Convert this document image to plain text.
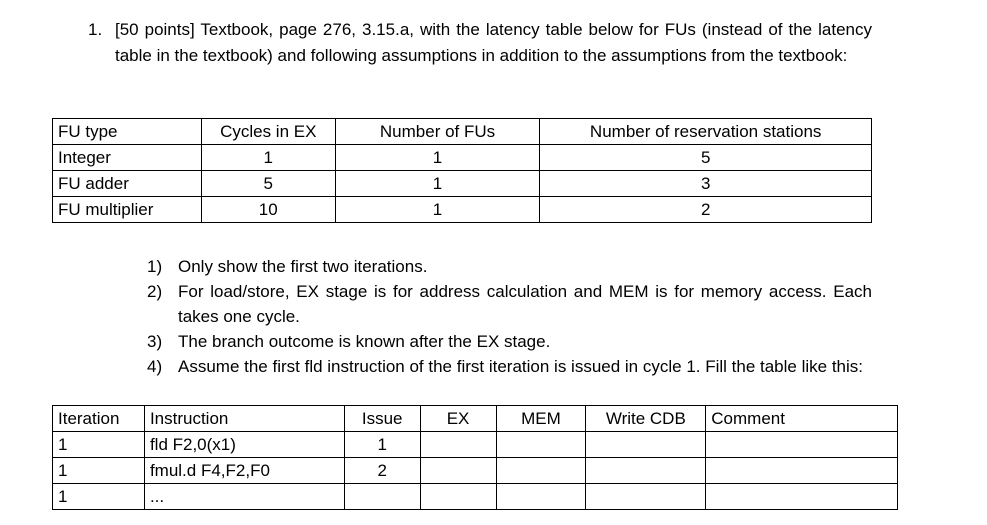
1. [50 points] Textbook, page 276, 3.15.a, with the latency table below for FUs (instead of the latency table in the textbook) and following assumptions in addition to the assumptions from the textbook:
FU type	Cycles in EX	Number of FUs	Number of reservation stations
Integer	1	1	5
FU adder	5	1	3
FU multiplier	10	1	2
1) Only show the first two iterations.
2) For load/store, EX stage is for address calculation and MEM is for memory access. Each takes one cycle.
3) The branch outcome is known after the EX stage.
4) Assume the first fld instruction of the first iteration is issued in cycle 1. Fill the table like this:
Iteration	Instruction	Issue	EX	MEM	Write CDB	Comment
1	fld F2,0(x1)	1				
1	fmul.d F4,F2,F0	2				
1	...					
